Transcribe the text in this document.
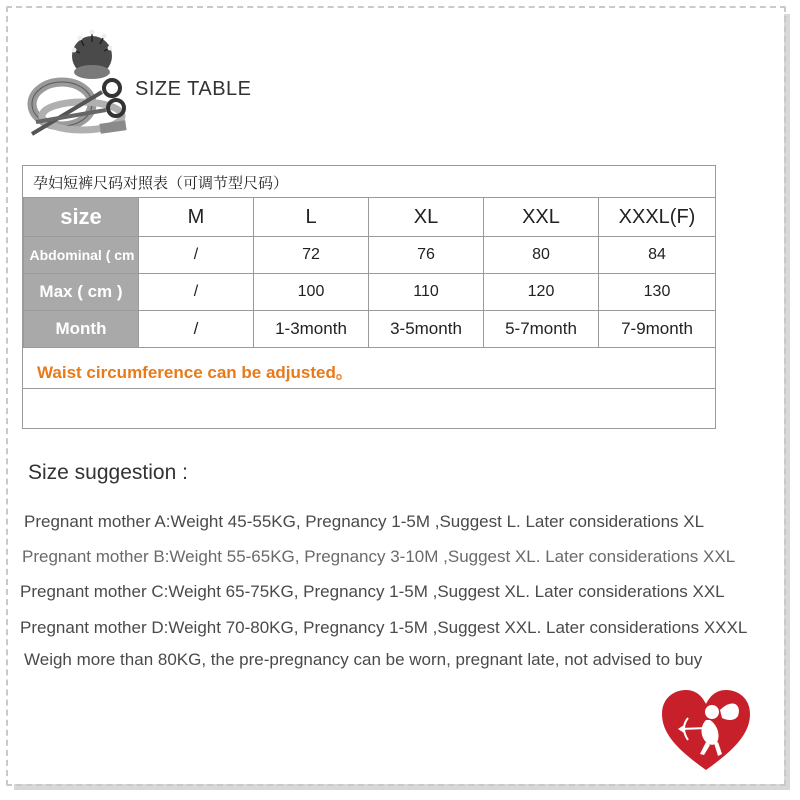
SIZE TABLE
孕妇短裤尺码对照表（可调节型尺码）
size	M	L	XL	XXL	XXXL(F)
Abdominal ( cm	/	72	76	80	84
Max ( cm )	/	100	110	120	130
Month	/	1-3month	3-5month	5-7month	7-9month
Waist circumference can be adjusted。
Size suggestion :
Pregnant mother A:Weight 45-55KG, Pregnancy 1-5M ,Suggest L. Later considerations XL
Pregnant mother B:Weight 55-65KG, Pregnancy 3-10M ,Suggest XL. Later considerations XXL
Pregnant mother C:Weight 65-75KG, Pregnancy 1-5M ,Suggest XL. Later considerations XXL
Pregnant mother D:Weight 70-80KG, Pregnancy 1-5M ,Suggest XXL. Later considerations XXXL
Weigh more than 80KG, the pre-pregnancy can be worn, pregnant late, not advised to buy
